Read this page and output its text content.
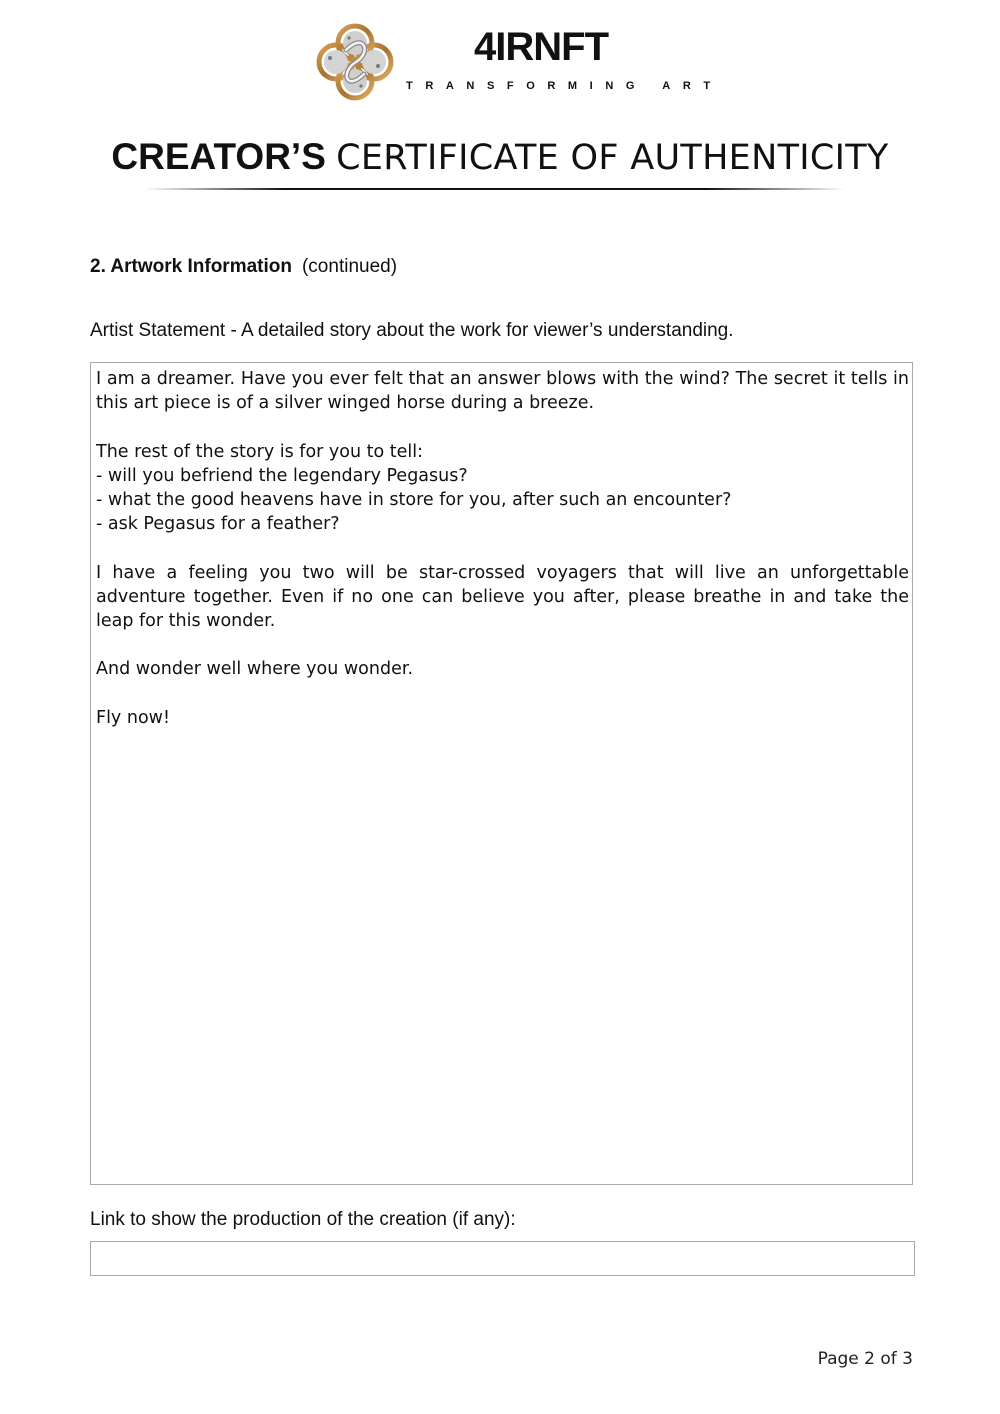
4IRNFT
TRANSFORMING ART
CREATOR’S CERTIFICATE OF AUTHENTICITY
2. Artwork Information (continued)
Artist Statement - A detailed story about the work for viewer’s understanding.

I am a dreamer. Have you ever felt that an answer blows with the wind? The secret it tells in this art piece is of a silver winged horse during a breeze.

The rest of the story is for you to tell:

- will you befriend the legendary Pegasus?

- what the good heavens have in store for you, after such an encounter?

- ask Pegasus for a feather?

I have a feeling you two will be star-crossed voyagers that will live an unforgettable adventure together. Even if no one can believe you after, please breathe in and take the leap for this wonder.

And wonder well where you wonder.

Fly now!

Link to show the production of the creation (if any):
Page 2 of 3
